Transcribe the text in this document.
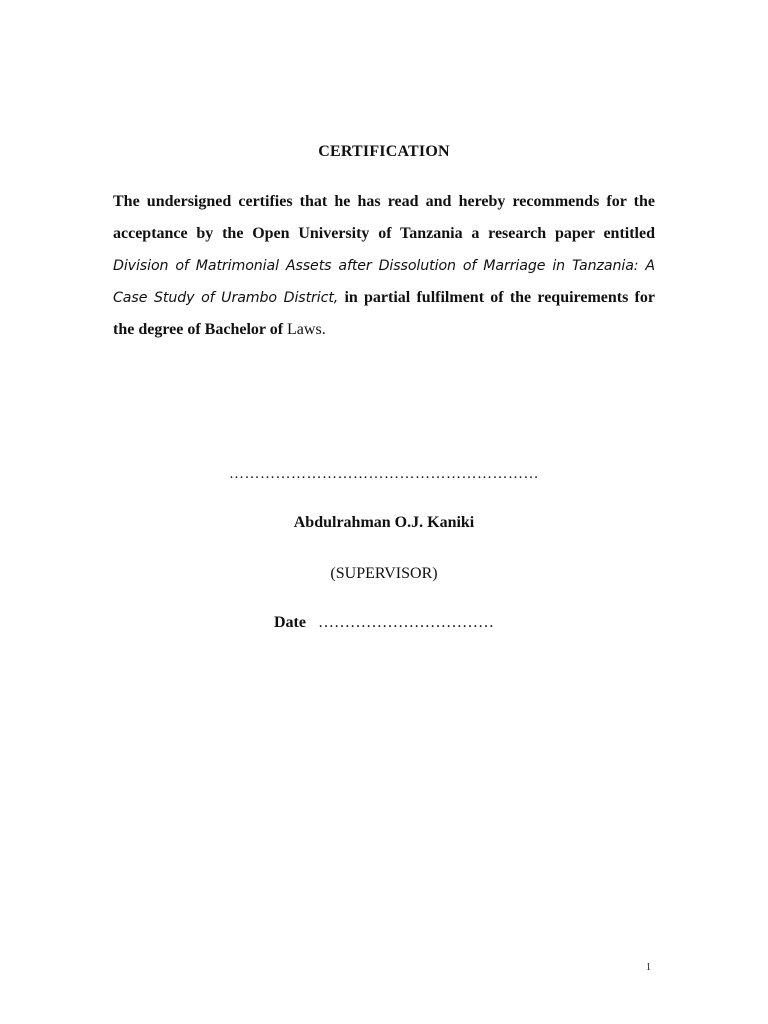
CERTIFICATION
The undersigned certifies that he has read and hereby recommends for the acceptance by the Open University of Tanzania a research paper entitled Division of Matrimonial Assets after Dissolution of Marriage in Tanzania: A Case Study of Urambo District, in partial fulfilment of the requirements for the degree of Bachelor of Laws.
……………………………………………………
Abdulrahman O.J. Kaniki
(SUPERVISOR)
Date ……………………………
1
